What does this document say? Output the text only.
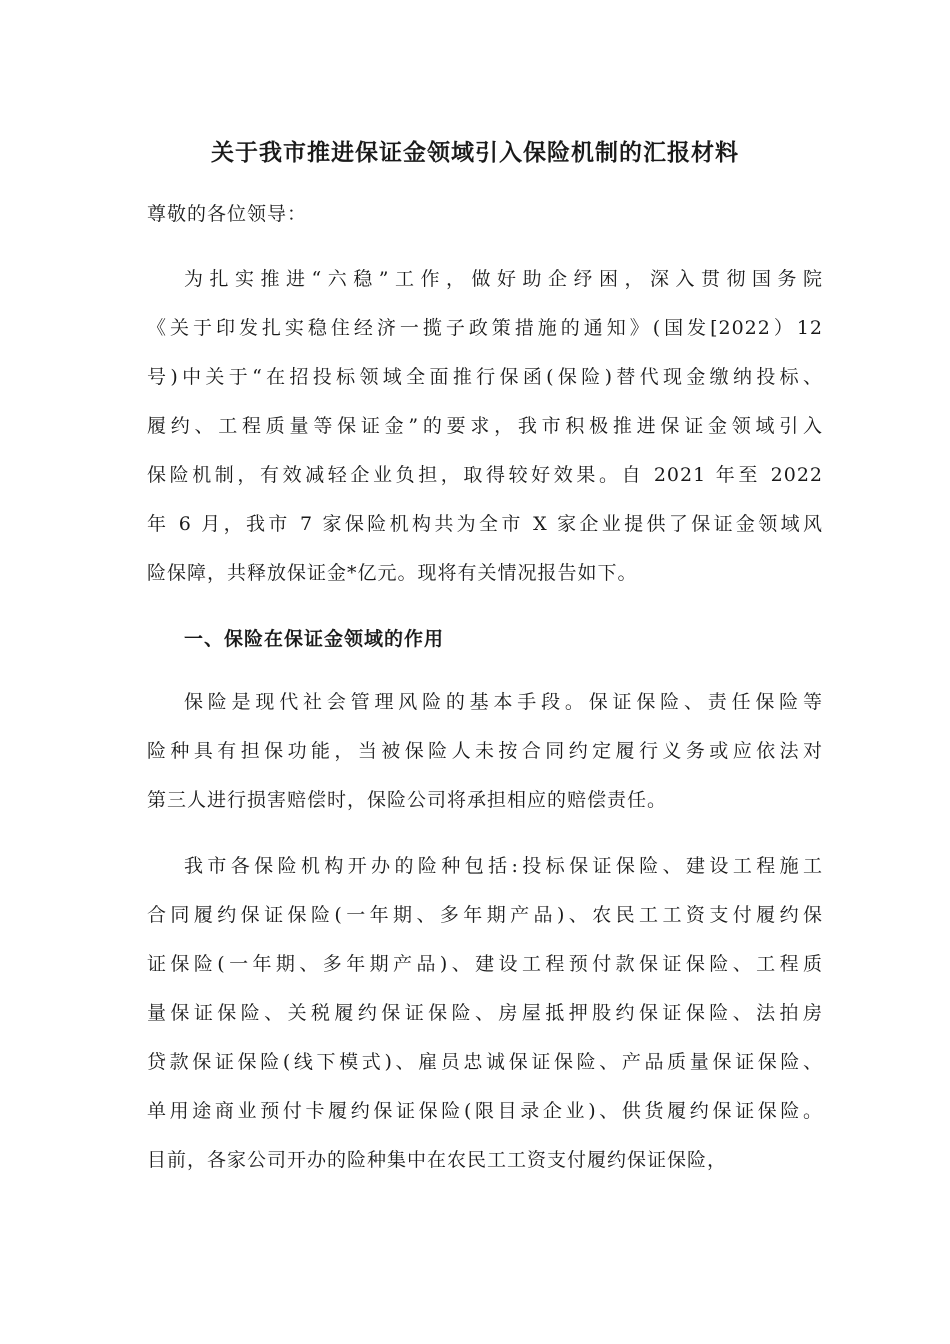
关于我市推进保证金领域引入保险机制的汇报材料
尊敬的各位领导：
为扎实推进“六稳”工作，做好助企纾困，深入贯彻国务院
《关于印发扎实稳住经济一揽子政策措施的通知》(国发[2022）12
号)中关于“在招投标领域全面推行保函(保险)替代现金缴纳投标、
履约、工程质量等保证金”的要求，我市积极推进保证金领域引入
保险机制，有效减轻企业负担，取得较好效果。自 2021 年至 2022
年 6 月，我市 7 家保险机构共为全市 X 家企业提供了保证金领域风
险保障，共释放保证金*亿元。现将有关情况报告如下。
一、保险在保证金领域的作用
保险是现代社会管理风险的基本手段。保证保险、责任保险等
险种具有担保功能，当被保险人未按合同约定履行义务或应依法对
第三人进行损害赔偿时，保险公司将承担相应的赔偿责任。
我市各保险机构开办的险种包括:投标保证保险、建设工程施工
合同履约保证保险(一年期、多年期产品)、农民工工资支付履约保
证保险(一年期、多年期产品)、建设工程预付款保证保险、工程质
量保证保险、关税履约保证保险、房屋抵押股约保证保险、法拍房
贷款保证保险(线下模式)、雇员忠诚保证保险、产品质量保证保险、
单用途商业预付卡履约保证保险(限目录企业)、供货履约保证保险。
目前，各家公司开办的险种集中在农民工工资支付履约保证保险，
